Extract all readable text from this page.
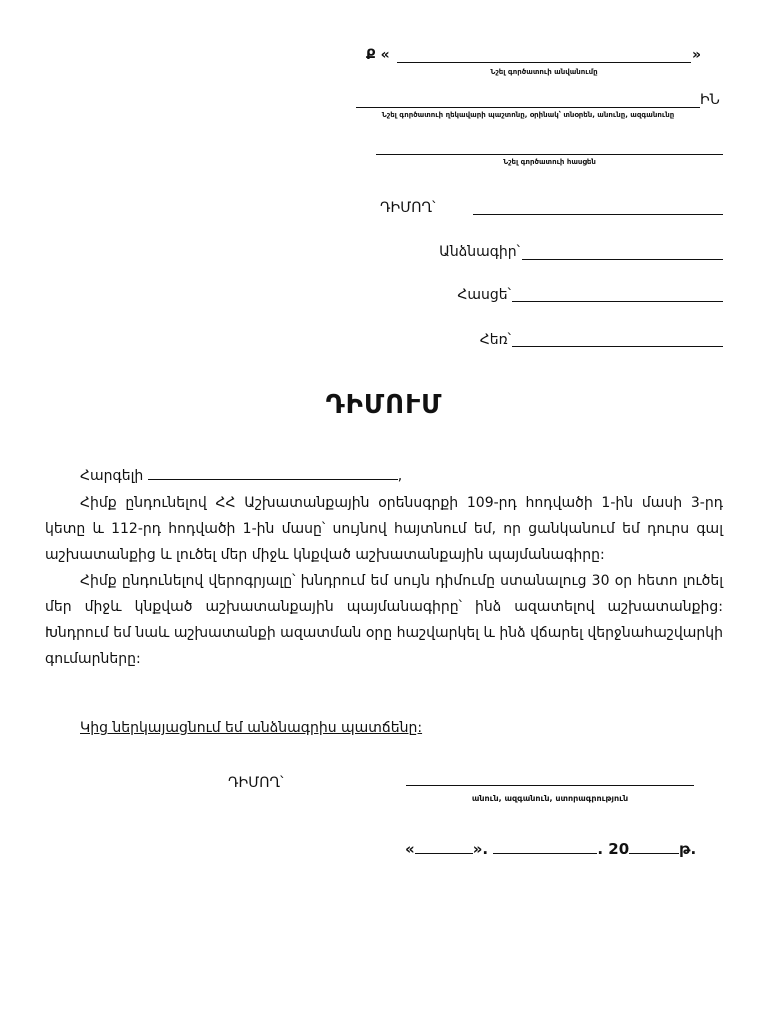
Ք «	»
Նշել գործատուի անվանումը
ԻՆ
Նշել գործատուի ղեկավարի պաշտոնը, օրինակ՝ տնօրեն, անունը, ազգանունը
Նշել գործատուի հասցեն
ԴԻՄՈՂ՝
Անձնագիր՝
Հասցե՝
Հեռ՝
ԴԻՄՈՒՄ
Հարգելի	,

Հիմք ընդունելով ՀՀ Աշխատանքային օրենսգրքի 109-րդ հոդվածի 1-ին մասի 3-րդ կետը և 112-րդ հոդվածի 1-ին մասը՝ սույնով հայտնում եմ, որ ցանկանում եմ դուրս գալ աշխատանքից և լուծել մեր միջև կնքված աշխատանքային պայմանագիրը:

Հիմք ընդունելով վերոգրյալը՝ խնդրում եմ սույն դիմումը ստանալուց 30 օր հետո լուծել մեր միջև կնքված աշխատանքային պայմանագիրը՝ ինձ ազատելով աշխատանքից: Խնդրում եմ նաև աշխատանքի ազատման օրը հաշվարկել և ինձ վճարել վերջնահաշվարկի գումարները:

Կից ներկայացնում եմ անձնագրիս պատճենը:
ԴԻՄՈՂ՝
անուն, ազգանուն, ստորագրություն
«	».	. 20	թ.
